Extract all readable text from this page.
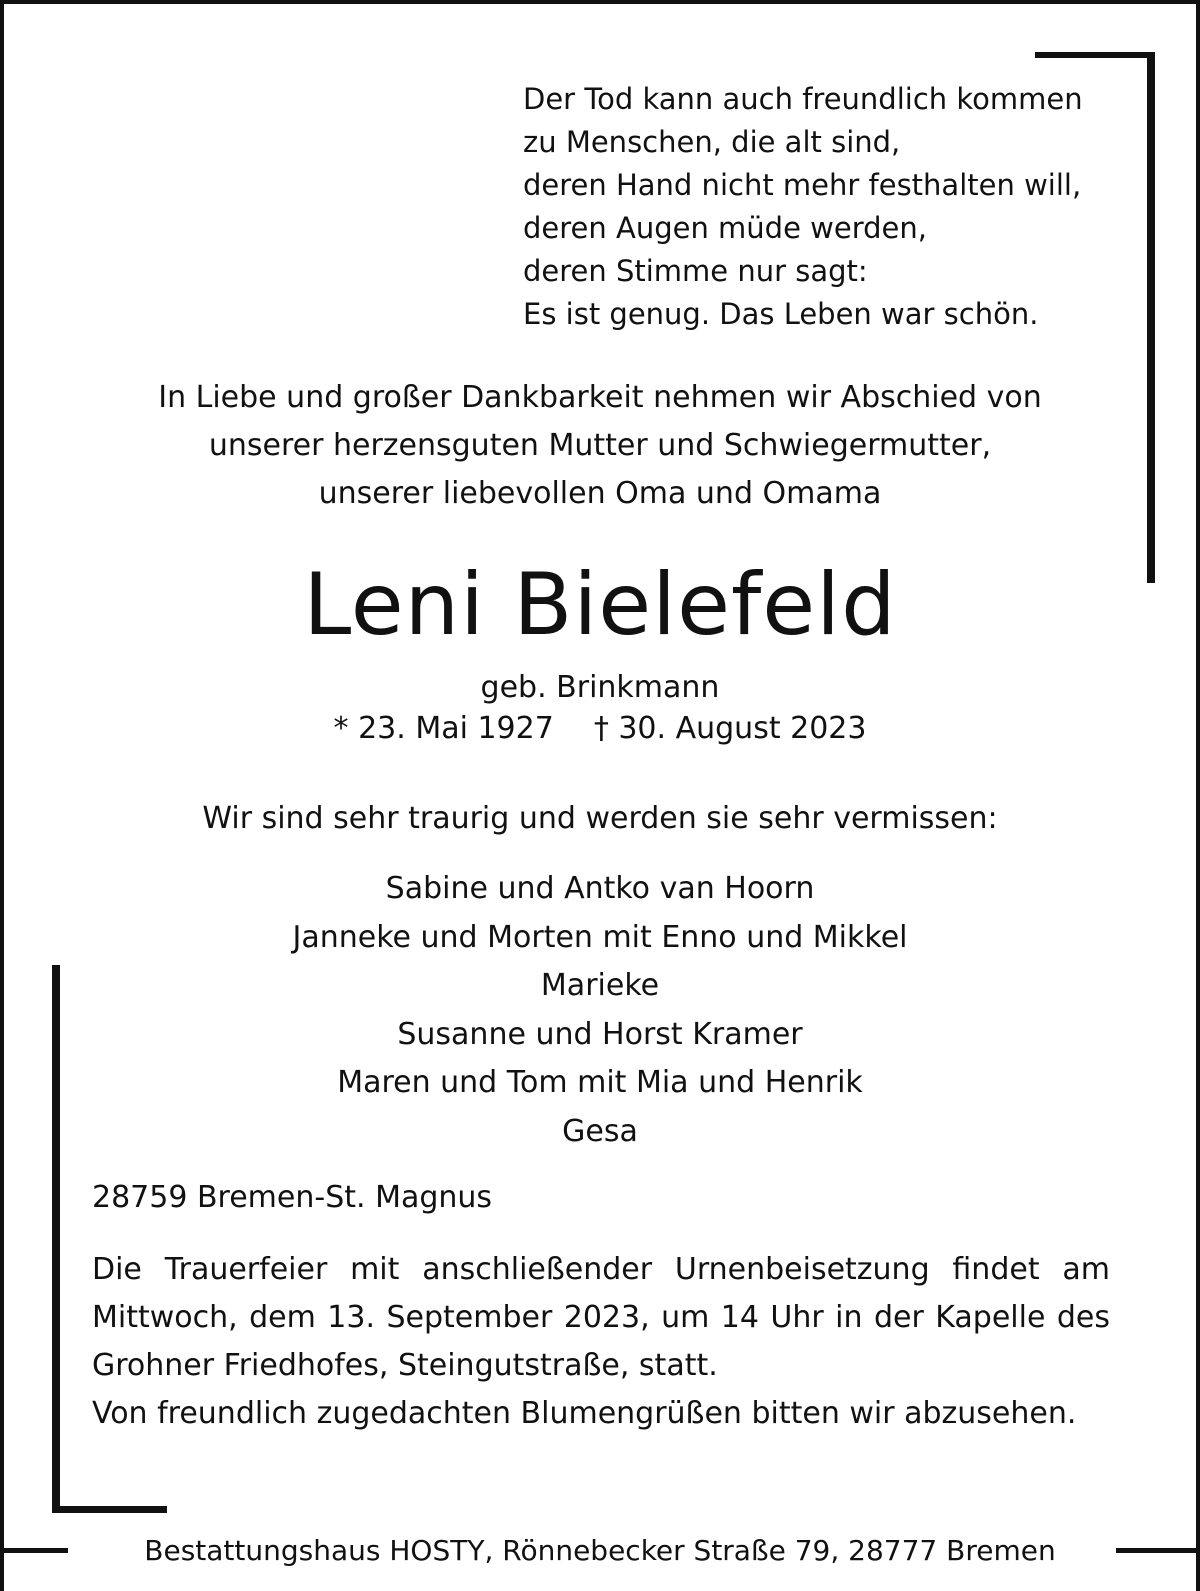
Der Tod kann auch freundlich kommen
zu Menschen, die alt sind,
deren Hand nicht mehr festhalten will,
deren Augen müde werden,
deren Stimme nur sagt:
Es ist genug. Das Leben war schön.
In Liebe und großer Dankbarkeit nehmen wir Abschied von
unserer herzensguten Mutter und Schwiegermutter,
unserer liebevollen Oma und Omama
Leni Bielefeld
geb. Brinkmann
* 23. Mai 1927 † 30. August 2023
Wir sind sehr traurig und werden sie sehr vermissen:
Sabine und Antko van Hoorn
Janneke und Morten mit Enno und Mikkel
Marieke
Susanne und Horst Kramer
Maren und Tom mit Mia und Henrik
Gesa
28759 Bremen-St. Magnus

Die Trauerfeier mit anschließender Urnenbeisetzung findet am Mittwoch, dem 13. September 2023, um 14 Uhr in der Kapelle des Grohner Friedhofes, Steingutstraße, statt.

Von freundlich zugedachten Blumengrüßen bitten wir abzusehen.

Bestattungshaus HOSTY, Rönnebecker Straße 79, 28777 Bremen
